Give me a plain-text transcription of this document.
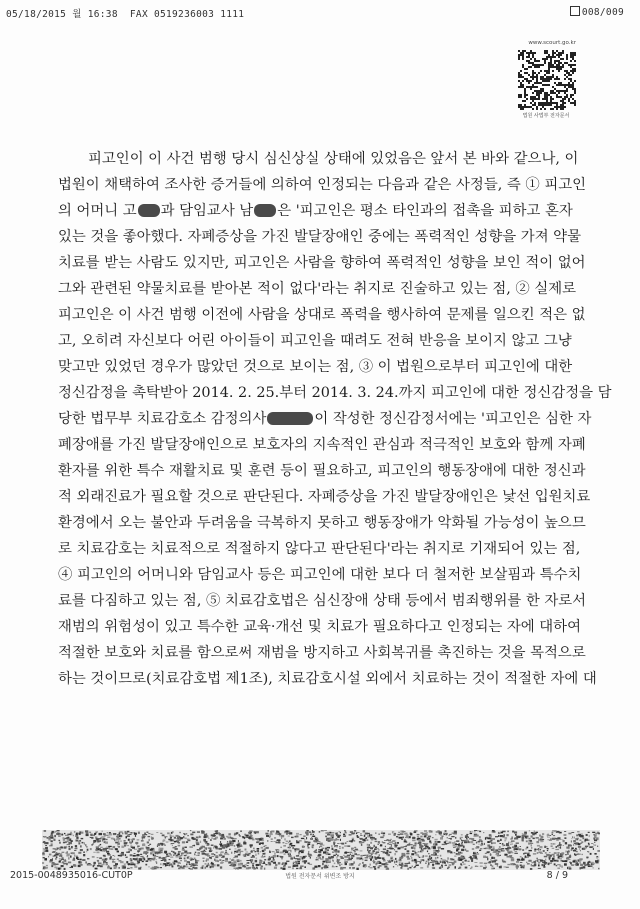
05/18/2015 월 16:38 FAX 0519236003 1111	008/009
www.scourt.go.kr
법원 사법부 전자문서
피고인이 이 사건 범행 당시 심신상실 상태에 있었음은 앞서 본 바와 같으나, 이
법원이 채택하여 조사한 증거들에 의하여 인정되는 다음과 같은 사정들, 즉 ① 피고인
의 어머니 고 과 담임교사 남 은 '피고인은 평소 타인과의 접촉을 피하고 혼자
있는 것을 좋아했다. 자폐증상을 가진 발달장애인 중에는 폭력적인 성향을 가져 약물
치료를 받는 사람도 있지만, 피고인은 사람을 향하여 폭력적인 성향을 보인 적이 없어
그와 관련된 약물치료를 받아본 적이 없다'라는 취지로 진술하고 있는 점, ② 실제로
피고인은 이 사건 범행 이전에 사람을 상대로 폭력을 행사하여 문제를 일으킨 적은 없
고, 오히려 자신보다 어린 아이들이 피고인을 때려도 전혀 반응을 보이지 않고 그냥
맞고만 있었던 경우가 많았던 것으로 보이는 점, ③ 이 법원으로부터 피고인에 대한
정신감정을 촉탁받아 2014. 2. 25.부터 2014. 3. 24.까지 피고인에 대한 정신감정을 담
당한 법무부 치료감호소 감정의사	이 작성한 정신감정서에는 '피고인은 심한 자
폐장애를 가진 발달장애인으로 보호자의 지속적인 관심과 적극적인 보호와 함께 자폐
환자를 위한 특수 재활치료 및 훈련 등이 필요하고, 피고인의 행동장애에 대한 정신과
적 외래진료가 필요할 것으로 판단된다. 자폐증상을 가진 발달장애인은 낯선 입원치료
환경에서 오는 불안과 두려움을 극복하지 못하고 행동장애가 악화될 가능성이 높으므
로 치료감호는 치료적으로 적절하지 않다고 판단된다'라는 취지로 기재되어 있는 점,
④ 피고인의 어머니와 담임교사 등은 피고인에 대한 보다 더 철저한 보살핌과 특수치
료를 다짐하고 있는 점, ⑤ 치료감호법은 심신장애 상태 등에서 범죄행위를 한 자로서
재범의 위험성이 있고 특수한 교육·개선 및 치료가 필요하다고 인정되는 자에 대하여
적절한 보호와 치료를 함으로써 재범을 방지하고 사회복귀를 촉진하는 것을 목적으로
하는 것이므로(치료감호법 제1조), 치료감호시설 외에서 치료하는 것이 적절한 자에 대
2015-0048935016-CUT0P	법원 전자문서 위변조 방지	8 / 9
